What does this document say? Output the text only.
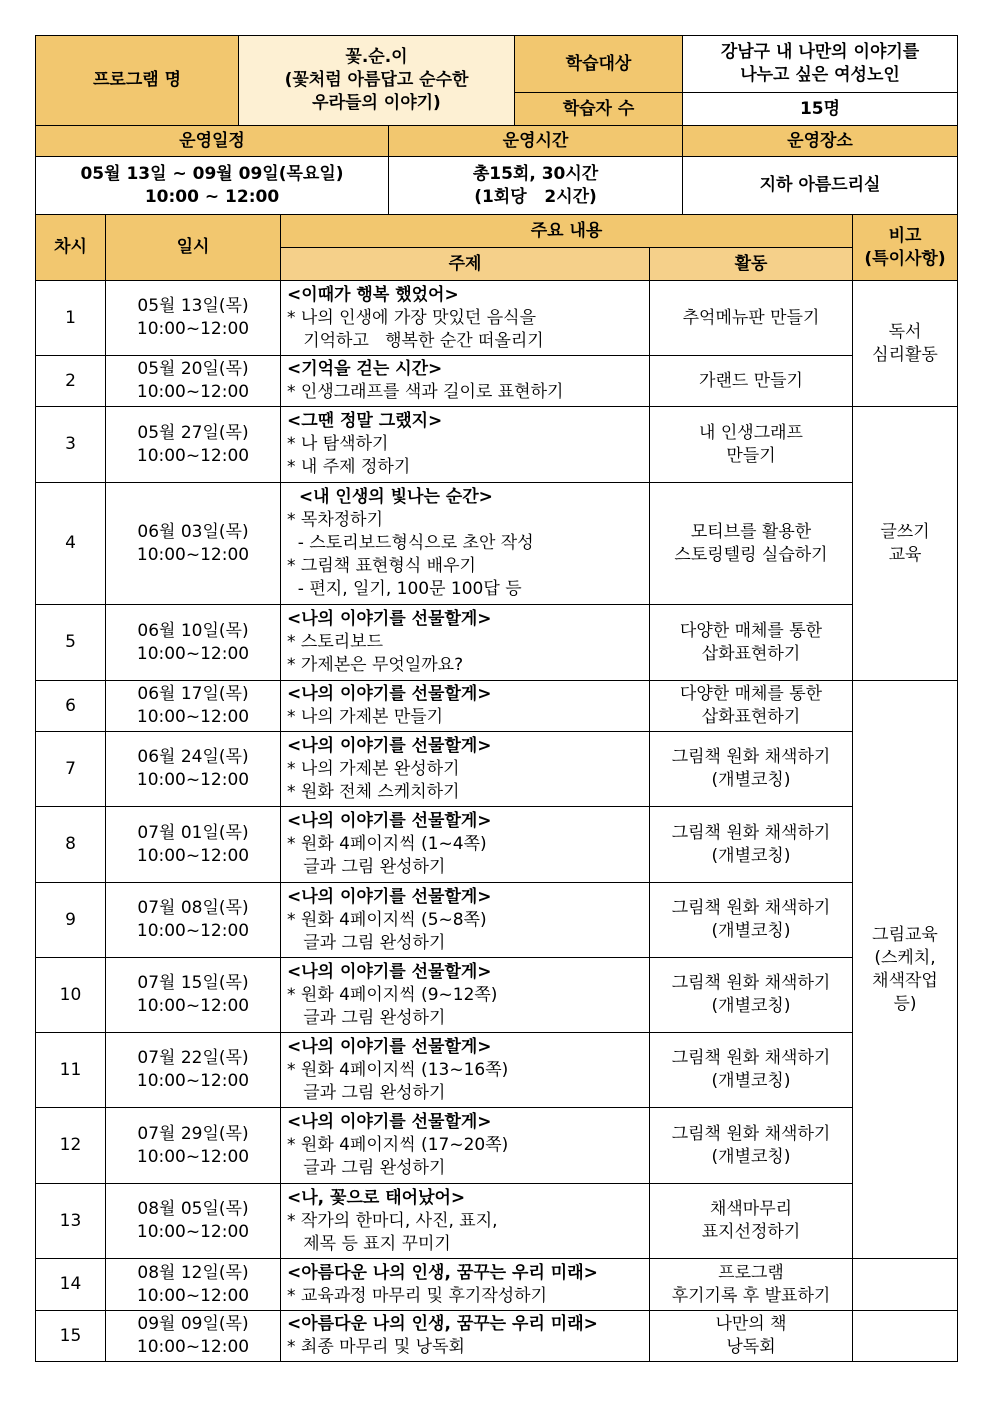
프로그램 명	꽃.순.이
(꽃처럼 아름답고 순수한
우라들의 이야기)		학습대상	강남구 내 나만의 이야기를
나누고 싶은 여성노인

			학습자 수	15명
운영일정		운영시간		운영장소

05월 13일 ~ 09월 09일(목요일)
10:00 ~ 12:00		총15회, 30시간
(1회당   2시간)		지하 아름드리실
차시	일시	주요 내용		비고
(특이사항)

		주제	활동	
1	05월 13일(목)
10:00~12:00	<이때가 행복 했었어>
* 나의 인생에 가장 맛있던 음식을
기억하고   행복한 순간 떠올리기	추억메뉴판 만들기	독서
심리활동

2	05월 20일(목)
10:00~12:00	<기억을 걷는 시간>
* 인생그래프를 색과 길이로 표현하기	가랜드 만들기	

3	05월 27일(목)
10:00~12:00	<그땐 정말 그랬지>
* 나 탐색하기
* 내 주제 정하기	내 인생그래프
만들기	글쓰기
교육

4	06월 03일(목)
10:00~12:00	<내 인생의 빛나는 순간>
* 목차정하기
- 스토리보드형식으로 초안 작성
* 그림책 표현형식 배우기
- 편지, 일기, 100문 100답 등	모티브를 활용한
스토링텔링 실습하기	

5	06월 10일(목)
10:00~12:00	<나의 이야기를 선물할게>
* 스토리보드
* 가제본은 무엇일까요?	다양한 매체를 통한
삽화표현하기	

6	06월 17일(목)
10:00~12:00	<나의 이야기를 선물할게>
* 나의 가제본 만들기	다양한 매체를 통한
삽화표현하기	그림교육
(스케치,
채색작업
등)

7	06월 24일(목)
10:00~12:00	<나의 이야기를 선물할게>
* 나의 가제본 완성하기
* 원화 전체 스케치하기	그림책 원화 채색하기
(개별코칭)	

8	07월 01일(목)
10:00~12:00	<나의 이야기를 선물할게>
* 원화 4페이지씩 (1~4쪽)
글과 그림 완성하기	그림책 원화 채색하기
(개별코칭)	

9	07월 08일(목)
10:00~12:00	<나의 이야기를 선물할게>
* 원화 4페이지씩 (5~8쪽)
글과 그림 완성하기	그림책 원화 채색하기
(개별코칭)	

10	07월 15일(목)
10:00~12:00	<나의 이야기를 선물할게>
* 원화 4페이지씩 (9~12쪽)
글과 그림 완성하기	그림책 원화 채색하기
(개별코칭)	

11	07월 22일(목)
10:00~12:00	<나의 이야기를 선물할게>
* 원화 4페이지씩 (13~16쪽)
글과 그림 완성하기	그림책 원화 채색하기
(개별코칭)	

12	07월 29일(목)
10:00~12:00	<나의 이야기를 선물할게>
* 원화 4페이지씩 (17~20쪽)
글과 그림 완성하기	그림책 원화 채색하기
(개별코칭)	

13	08월 05일(목)
10:00~12:00	<나, 꽃으로 태어났어>
* 작가의 한마디, 사진, 표지,
제목 등 표지 꾸미기	채색마무리
표지선정하기	

14	08월 12일(목)
10:00~12:00	<아름다운 나의 인생, 꿈꾸는 우리 미래>
* 교육과정 마무리 및 후기작성하기	프로그램
후기기록 후 발표하기	

15	09월 09일(목)
10:00~12:00	<아름다운 나의 인생, 꿈꾸는 우리 미래>
* 최종 마무리 및 낭독회	나만의 책
낭독회	
